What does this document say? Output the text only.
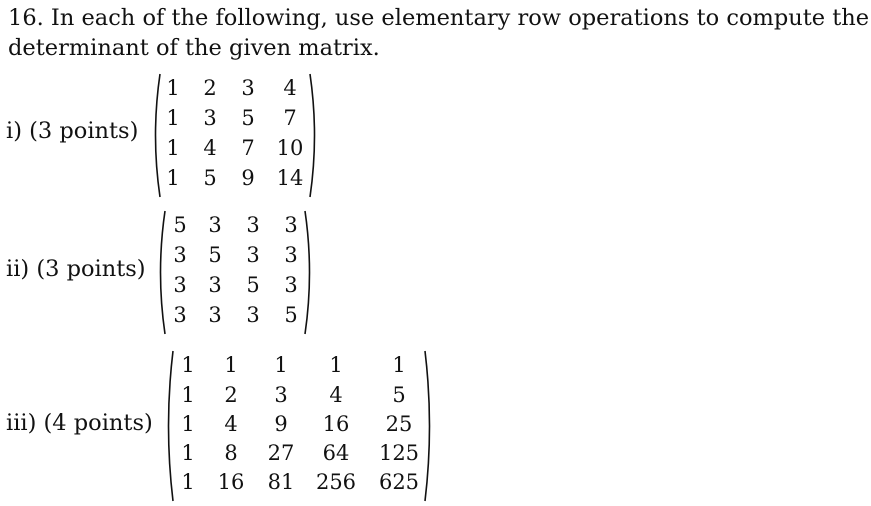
16. In each of the following, use elementary row operations to compute the
determinant of the given matrix.
i) (3 points)
1	2	3	4
1	3	5	7
1	4	7	10
1	5	9	14
ii) (3 points)
5	3	3	3
3	5	3	3
3	3	5	3
3	3	3	5
iii) (4 points)
1	1	1	1	1
1	2	3	4	5
1	4	9	16	25
1	8	27	64	125
1	16	81	256 625
